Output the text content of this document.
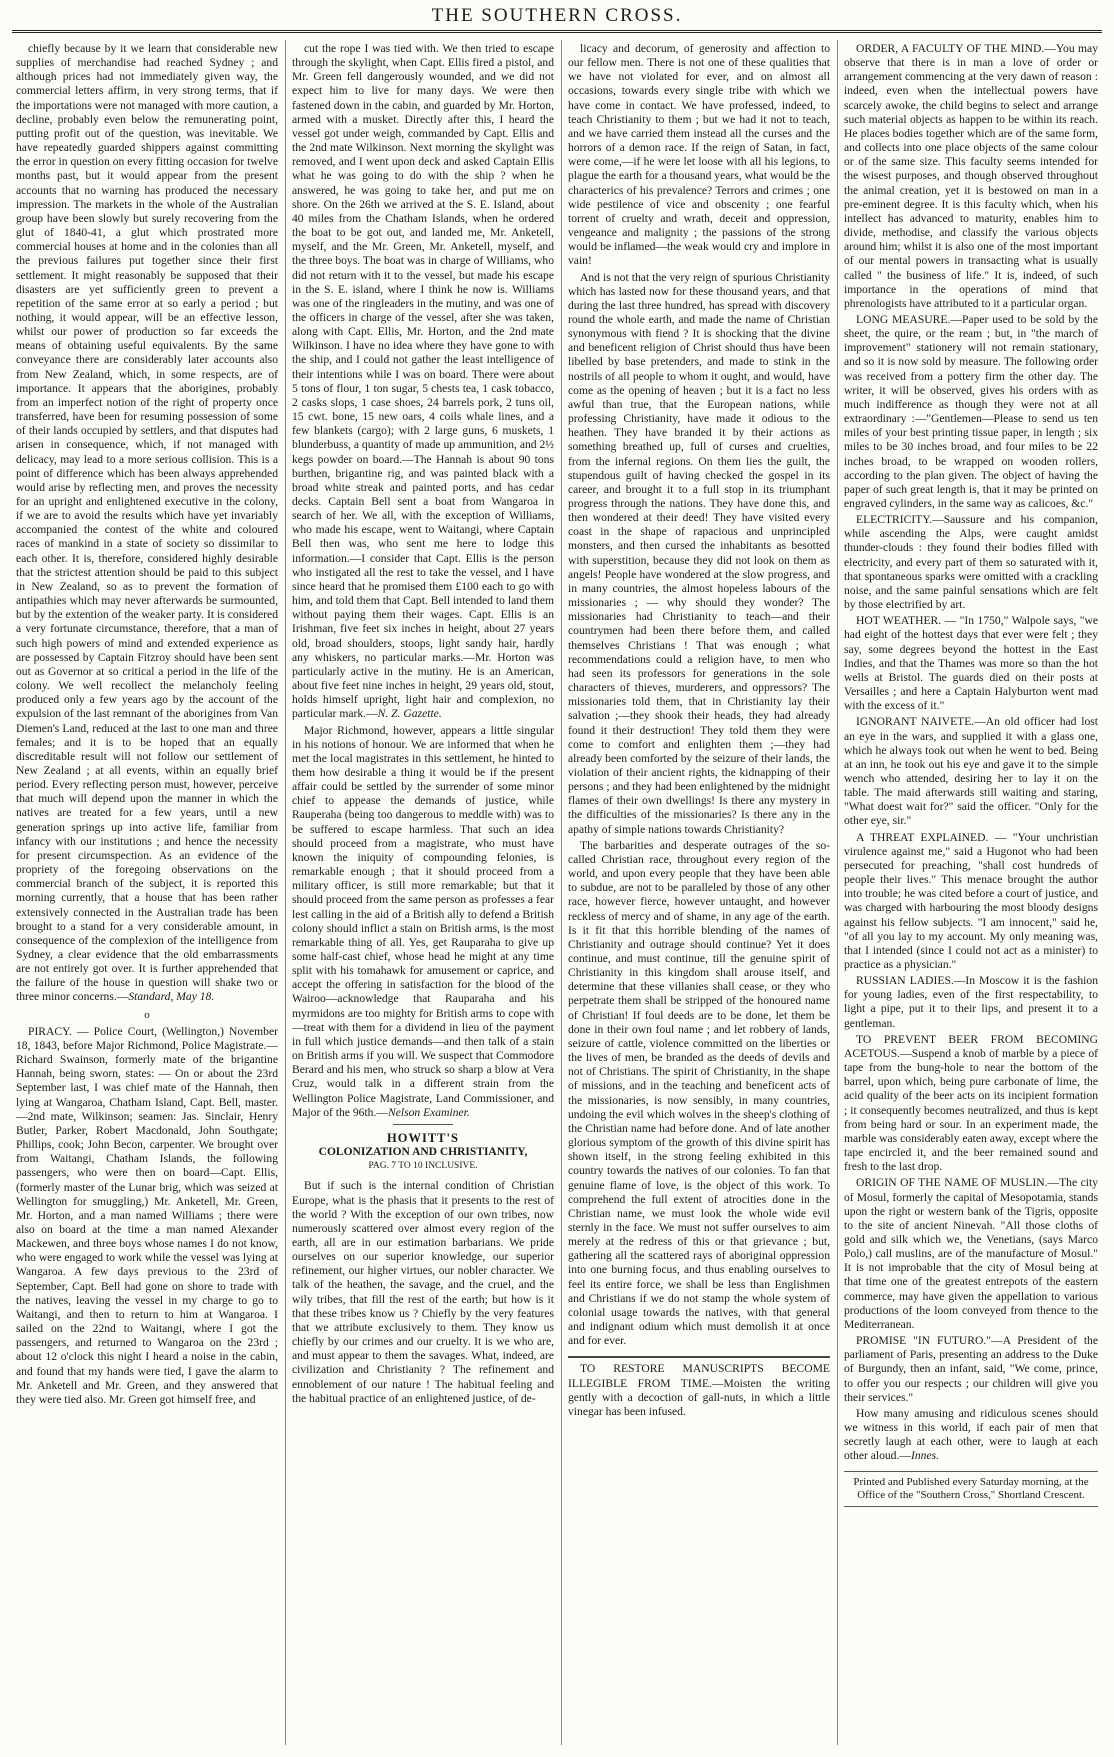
THE SOUTHERN CROSS.

chiefly because by it we learn that considerable new supplies of merchandise had reached Sydney ; and although prices had not immediately given way, the commercial letters affirm, in very strong terms, that if the importations were not managed with more caution, a decline, probably even below the remunerating point, putting profit out of the question, was inevitable. We have repeatedly guarded shippers against committing the error in question on every fitting occasion for twelve months past, but it would appear from the present accounts that no warning has produced the necessary impression. The markets in the whole of the Australian group have been slowly but surely recovering from the glut of 1840-41, a glut which prostrated more commercial houses at home and in the colonies than all the previous failures put together since their first settlement. It might reasonably be supposed that their disasters are yet sufficiently green to prevent a repetition of the same error at so early a period ; but nothing, it would appear, will be an effective lesson, whilst our power of production so far exceeds the means of obtaining useful equivalents. By the same conveyance there are considerably later accounts also from New Zealand, which, in some respects, are of importance. It appears that the aborigines, probably from an imperfect notion of the right of property once transferred, have been for resuming possession of some of their lands occupied by settlers, and that disputes had arisen in consequence, which, if not managed with delicacy, may lead to a more serious collision. This is a point of difference which has been always apprehended would arise by reflecting men, and proves the necessity for an upright and enlightened executive in the colony, if we are to avoid the results which have yet invariably accompanied the contest of the white and coloured races of mankind in a state of society so dissimilar to each other. It is, therefore, considered highly desirable that the strictest attention should be paid to this subject in New Zealand, so as to prevent the formation of antipathies which may never afterwards be surmounted, but by the extention of the weaker party. It is considered a very fortunate circumstance, therefore, that a man of such high powers of mind and extended experience as are possessed by Captain Fitzroy should have been sent out as Governor at so critical a period in the life of the colony. We well recollect the melancholy feeling produced only a few years ago by the account of the expulsion of the last remnant of the aborigines from Van Diemen's Land, reduced at the last to one man and three females; and it is to be hoped that an equally discreditable result will not follow our settlement of New Zealand ; at all events, within an equally brief period. Every reflecting person must, however, perceive that much will depend upon the manner in which the natives are treated for a few years, until a new generation springs up into active life, familiar from infancy with our institutions ; and hence the necessity for present circumspection. As an evidence of the propriety of the foregoing observations on the commercial branch of the subject, it is reported this morning currently, that a house that has been rather extensively connected in the Australian trade has been brought to a stand for a very considerable amount, in consequence of the complexion of the intelligence from Sydney, a clear evidence that the old embarrassments are not entirely got over. It is further apprehended that the failure of the house in question will shake two or three minor concerns.—Standard, May 18.

o

PIRACY. — Police Court, (Wellington,) November 18, 1843, before Major Richmond, Police Magistrate.—Richard Swainson, formerly mate of the brigantine Hannah, being sworn, states: — On or about the 23rd September last, I was chief mate of the Hannah, then lying at Wangaroa, Chatham Island, Capt. Bell, master.—2nd mate, Wilkinson; seamen: Jas. Sinclair, Henry Butler, Parker, Robert Macdonald, John Southgate; Phillips, cook; John Becon, carpenter. We brought over from Waitangi, Chatham Islands, the following passengers, who were then on board—Capt. Ellis, (formerly master of the Lunar brig, which was seized at Wellington for smuggling,) Mr. Anketell, Mr. Green, Mr. Horton, and a man named Williams ; there were also on board at the time a man named Alexander Mackewen, and three boys whose names I do not know, who were engaged to work while the vessel was lying at Wangaroa. A few days previous to the 23rd of September, Capt. Bell had gone on shore to trade with the natives, leaving the vessel in my charge to go to Waitangi, and then to return to him at Wangaroa. I sailed on the 22nd to Waitangi, where I got the passengers, and returned to Wangaroa on the 23rd ; about 12 o'clock this night I heard a noise in the cabin, and found that my hands were tied, I gave the alarm to Mr. Anketell and Mr. Green, and they answered that they were tied also. Mr. Green got himself free, and

cut the rope I was tied with. We then tried to escape through the skylight, when Capt. Ellis fired a pistol, and Mr. Green fell dangerously wounded, and we did not expect him to live for many days. We were then fastened down in the cabin, and guarded by Mr. Horton, armed with a musket. Directly after this, I heard the vessel got under weigh, commanded by Capt. Ellis and the 2nd mate Wilkinson. Next morning the skylight was removed, and I went upon deck and asked Captain Ellis what he was going to do with the ship ? when he answered, he was going to take her, and put me on shore. On the 26th we arrived at the S. E. Island, about 40 miles from the Chatham Islands, when he ordered the boat to be got out, and landed me, Mr. Anketell, myself, and the Mr. Green, Mr. Anketell, myself, and the three boys. The boat was in charge of Williams, who did not return with it to the vessel, but made his escape in the S. E. island, where I think he now is. Williams was one of the ringleaders in the mutiny, and was one of the officers in charge of the vessel, after she was taken, along with Capt. Ellis, Mr. Horton, and the 2nd mate Wilkinson. I have no idea where they have gone to with the ship, and I could not gather the least intelligence of their intentions while I was on board. There were about 5 tons of flour, 1 ton sugar, 5 chests tea, 1 cask tobacco, 2 casks slops, 1 case shoes, 24 barrels pork, 2 tuns oil, 15 cwt. bone, 15 new oars, 4 coils whale lines, and a few blankets (cargo); with 2 large guns, 6 muskets, 1 blunderbuss, a quantity of made up ammunition, and 2½ kegs powder on board.—The Hannah is about 90 tons burthen, brigantine rig, and was painted black with a broad white streak and painted ports, and has cedar decks. Captain Bell sent a boat from Wangaroa in search of her. We all, with the exception of Williams, who made his escape, went to Waitangi, where Captain Bell then was, who sent me here to lodge this information.—I consider that Capt. Ellis is the person who instigated all the rest to take the vessel, and I have since heard that he promised them £100 each to go with him, and told them that Capt. Bell intended to land them without paying them their wages. Capt. Ellis is an Irishman, five feet six inches in height, about 27 years old, broad shoulders, stoops, light sandy hair, hardly any whiskers, no particular marks.—Mr. Horton was particularly active in the mutiny. He is an American, about five feet nine inches in height, 29 years old, stout, holds himself upright, light hair and complexion, no particular mark.—N. Z. Gazette.

Major Richmond, however, appears a little singular in his notions of honour. We are informed that when he met the local magistrates in this settlement, he hinted to them how desirable a thing it would be if the present affair could be settled by the surrender of some minor chief to appease the demands of justice, while Rauperaha (being too dangerous to meddle with) was to be suffered to escape harmless. That such an idea should proceed from a magistrate, who must have known the iniquity of compounding felonies, is remarkable enough ; that it should proceed from a military officer, is still more remarkable; but that it should proceed from the same person as professes a fear lest calling in the aid of a British ally to defend a British colony should inflict a stain on British arms, is the most remarkable thing of all. Yes, get Rauparaha to give up some half-cast chief, whose head he might at any time split with his tomahawk for amusement or caprice, and accept the offering in satisfaction for the blood of the Wairoo—acknowledge that Rauparaha and his myrmidons are too mighty for British arms to cope with—treat with them for a dividend in lieu of the payment in full which justice demands—and then talk of a stain on British arms if you will. We suspect that Commodore Berard and his men, who struck so sharp a blow at Vera Cruz, would talk in a different strain from the Wellington Police Magistrate, Land Commissioner, and Major of the 96th.—Nelson Examiner.

HOWITT'S
COLONIZATION AND CHRISTIANITY,
PAG. 7 TO 10 INCLUSIVE.

But if such is the internal condition of Christian Europe, what is the phasis that it presents to the rest of the world ? With the exception of our own tribes, now numerously scattered over almost every region of the earth, all are in our estimation barbarians. We pride ourselves on our superior knowledge, our superior refinement, our higher virtues, our nobler character. We talk of the heathen, the savage, and the cruel, and the wily tribes, that fill the rest of the earth; but how is it that these tribes know us ? Chiefly by the very features that we attribute exclusively to them. They know us chiefly by our crimes and our cruelty. It is we who are, and must appear to them the savages. What, indeed, are civilization and Christianity ? The refinement and ennoblement of our nature ! The habitual feeling and the habitual practice of an enlightened justice, of de-

licacy and decorum, of generosity and affection to our fellow men. There is not one of these qualities that we have not violated for ever, and on almost all occasions, towards every single tribe with which we have come in contact. We have professed, indeed, to teach Christianity to them ; but we had it not to teach, and we have carried them instead all the curses and the horrors of a demon race. If the reign of Satan, in fact, were come,—if he were let loose with all his legions, to plague the earth for a thousand years, what would be the characterics of his prevalence? Terrors and crimes ; one wide pestilence of vice and obscenity ; one fearful torrent of cruelty and wrath, deceit and oppression, vengeance and malignity ; the passions of the strong would be inflamed—the weak would cry and implore in vain!

And is not that the very reign of spurious Christianity which has lasted now for these thousand years, and that during the last three hundred, has spread with discovery round the whole earth, and made the name of Christian synonymous with fiend ? It is shocking that the divine and beneficent religion of Christ should thus have been libelled by base pretenders, and made to stink in the nostrils of all people to whom it ought, and would, have come as the opening of heaven ; but it is a fact no less awful than true, that the European nations, while professing Christianity, have made it odious to the heathen. They have branded it by their actions as something breathed up, full of curses and cruelties, from the infernal regions. On them lies the guilt, the stupendous guilt of having checked the gospel in its career, and brought it to a full stop in its triumphant progress through the nations. They have done this, and then wondered at their deed! They have visited every coast in the shape of rapacious and unprincipled monsters, and then cursed the inhabitants as besotted with superstition, because they did not look on them as angels! People have wondered at the slow progress, and in many countries, the almost hopeless labours of the missionaries ; — why should they wonder? The missionaries had Christianity to teach—and their countrymen had been there before them, and called themselves Christians ! That was enough ; what recommendations could a religion have, to men who had seen its professors for generations in the sole characters of thieves, murderers, and oppressors? The missionaries told them, that in Christianity lay their salvation ;—they shook their heads, they had already found it their destruction! They told them they were come to comfort and enlighten them ;—they had already been comforted by the seizure of their lands, the violation of their ancient rights, the kidnapping of their persons ; and they had been enlightened by the midnight flames of their own dwellings! Is there any mystery in the difficulties of the missionaries? Is there any in the apathy of simple nations towards Christianity?

The barbarities and desperate outrages of the so-called Christian race, throughout every region of the world, and upon every people that they have been able to subdue, are not to be paralleled by those of any other race, however fierce, however untaught, and however reckless of mercy and of shame, in any age of the earth. Is it fit that this horrible blending of the names of Christianity and outrage should continue? Yet it does continue, and must continue, till the genuine spirit of Christianity in this kingdom shall arouse itself, and determine that these villanies shall cease, or they who perpetrate them shall be stripped of the honoured name of Christian! If foul deeds are to be done, let them be done in their own foul name ; and let robbery of lands, seizure of cattle, violence committed on the liberties or the lives of men, be branded as the deeds of devils and not of Christians. The spirit of Christianity, in the shape of missions, and in the teaching and beneficent acts of the missionaries, is now sensibly, in many countries, undoing the evil which wolves in the sheep's clothing of the Christian name had before done. And of late another glorious symptom of the growth of this divine spirit has shown itself, in the strong feeling exhibited in this country towards the natives of our colonies. To fan that genuine flame of love, is the object of this work. To comprehend the full extent of atrocities done in the Christian name, we must look the whole wide evil sternly in the face. We must not suffer ourselves to aim merely at the redress of this or that grievance ; but, gathering all the scattered rays of aboriginal oppression into one burning focus, and thus enabling ourselves to feel its entire force, we shall be less than Englishmen and Christians if we do not stamp the whole system of colonial usage towards the natives, with that general and indignant odium which must demolish it at once and for ever.

TO RESTORE MANUSCRIPTS BECOME ILLEGIBLE FROM TIME.—Moisten the writing gently with a decoction of gall-nuts, in which a little vinegar has been infused.

ORDER, A FACULTY OF THE MIND.—You may observe that there is in man a love of order or arrangement commencing at the very dawn of reason : indeed, even when the intellectual powers have scarcely awoke, the child begins to select and arrange such material objects as happen to be within its reach. He places bodies together which are of the same form, and collects into one place objects of the same colour or of the same size. This faculty seems intended for the wisest purposes, and though observed throughout the animal creation, yet it is bestowed on man in a pre-eminent degree. It is this faculty which, when his intellect has advanced to maturity, enables him to divide, methodise, and classify the various objects around him; whilst it is also one of the most important of our mental powers in transacting what is usually called " the business of life." It is, indeed, of such importance in the operations of mind that phrenologists have attributed to it a particular organ.

LONG MEASURE.—Paper used to be sold by the sheet, the quire, or the ream ; but, in "the march of improvement" stationery will not remain stationary, and so it is now sold by measure. The following order was received from a pottery firm the other day. The writer, it will be observed, gives his orders with as much indifference as though they were not at all extraordinary :—"Gentlemen—Please to send us ten miles of your best printing tissue paper, in length ; six miles to be 30 inches broad, and four miles to be 22 inches broad, to be wrapped on wooden rollers, according to the plan given. The object of having the paper of such great length is, that it may be printed on engraved cylinders, in the same way as calicoes, &c."

ELECTRICITY.—Saussure and his companion, while ascending the Alps, were caught amidst thunder-clouds : they found their bodies filled with electricity, and every part of them so saturated with it, that spontaneous sparks were omitted with a crackling noise, and the same painful sensations which are felt by those electrified by art.

HOT WEATHER. — "In 1750," Walpole says, "we had eight of the hottest days that ever were felt ; they say, some degrees beyond the hottest in the East Indies, and that the Thames was more so than the hot wells at Bristol. The guards died on their posts at Versailles ; and here a Captain Halyburton went mad with the excess of it."

IGNORANT NAIVETE.—An old officer had lost an eye in the wars, and supplied it with a glass one, which he always took out when he went to bed. Being at an inn, he took out his eye and gave it to the simple wench who attended, desiring her to lay it on the table. The maid afterwards still waiting and staring, "What doest wait for?" said the officer. "Only for the other eye, sir."

A THREAT EXPLAINED. — "Your unchristian virulence against me," said a Hugonot who had been persecuted for preaching, "shall cost hundreds of people their lives." This menace brought the author into trouble; he was cited before a court of justice, and was charged with harbouring the most bloody designs against his fellow subjects. "I am innocent," said he, "of all you lay to my account. My only meaning was, that I intended (since I could not act as a minister) to practice as a physician."

RUSSIAN LADIES.—In Moscow it is the fashion for young ladies, even of the first respectability, to light a pipe, put it to their lips, and present it to a gentleman.

TO PREVENT BEER FROM BECOMING ACETOUS.—Suspend a knob of marble by a piece of tape from the bung-hole to near the bottom of the barrel, upon which, being pure carbonate of lime, the acid quality of the beer acts on its incipient formation ; it consequently becomes neutralized, and thus is kept from being hard or sour. In an experiment made, the marble was considerably eaten away, except where the tape encircled it, and the beer remained sound and fresh to the last drop.

ORIGIN OF THE NAME OF MUSLIN.—The city of Mosul, formerly the capital of Mesopotamia, stands upon the right or western bank of the Tigris, opposite to the site of ancient Ninevah. "All those cloths of gold and silk which we, the Venetians, (says Marco Polo,) call muslins, are of the manufacture of Mosul." It is not improbable that the city of Mosul being at that time one of the greatest entrepots of the eastern commerce, may have given the appellation to various productions of the loom conveyed from thence to the Mediterranean.

PROMISE "IN FUTURO."—A President of the parliament of Paris, presenting an address to the Duke of Burgundy, then an infant, said, "We come, prince, to offer you our respects ; our children will give you their services."

How many amusing and ridiculous scenes should we witness in this world, if each pair of men that secretly laugh at each other, were to laugh at each other aloud.—Innes.

Printed and Published every Saturday morning, at the Office of the "Southern Cross," Shortland Crescent.
